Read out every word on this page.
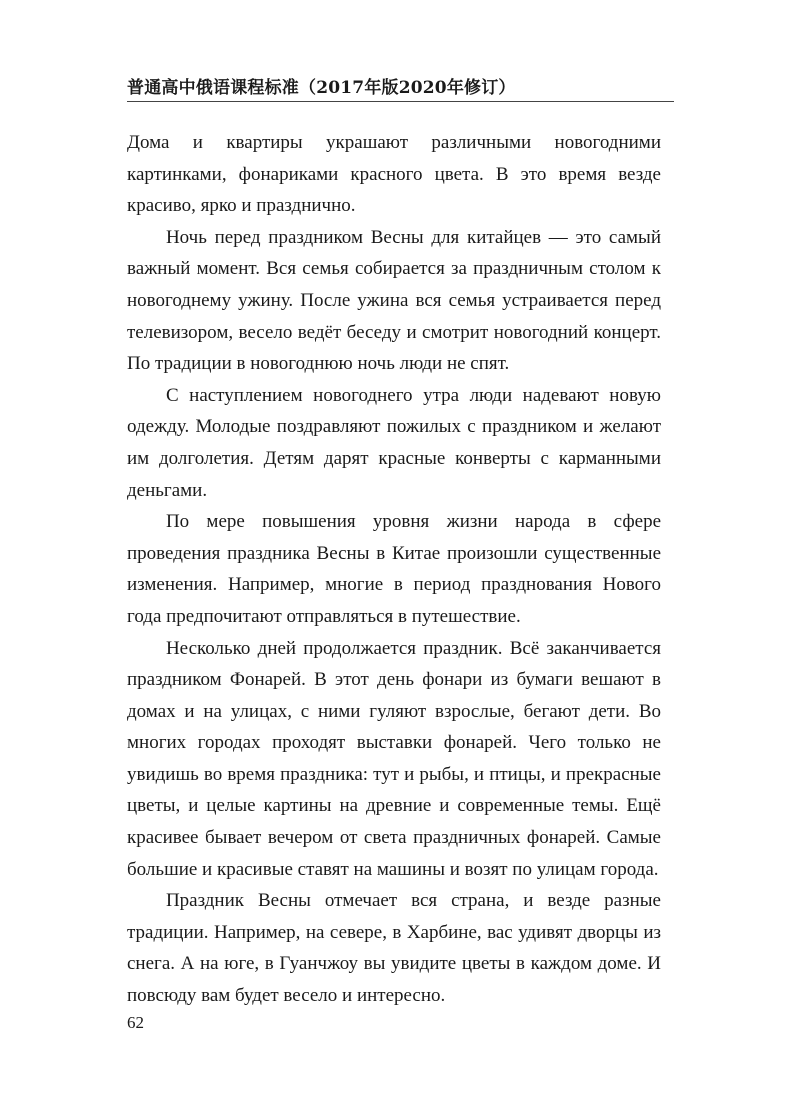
普通高中俄语课程标准（2017年版2020年修订）

Дома и квартиры украшают различными новогодними картинками, фонариками красного цвета. В это время везде красиво, ярко и празднично.

Ночь перед праздником Весны для китайцев — это самый важный момент. Вся семья собирается за праздничным столом к новогоднему ужину. После ужина вся семья устраивается перед телевизором, весело ведёт беседу и смотрит новогодний концерт. По традиции в новогоднюю ночь люди не спят.

С наступлением новогоднего утра люди надевают новую одежду. Молодые поздравляют пожилых с праздником и желают им долголетия. Детям дарят красные конверты с карманными деньгами.

По мере повышения уровня жизни народа в сфере проведения праздника Весны в Китае произошли существенные изменения. Например, многие в период празднования Нового года предпочитают отправляться в путешествие.

Несколько дней продолжается праздник. Всё заканчивается праздником Фонарей. В этот день фонари из бумаги вешают в домах и на улицах, с ними гуляют взрослые, бегают дети. Во многих городах проходят выставки фонарей. Чего только не увидишь во время праздника: тут и рыбы, и птицы, и прекрасные цветы, и целые картины на древние и современные темы. Ещё красивее бывает вечером от света праздничных фонарей. Самые большие и красивые ставят на машины и возят по улицам города.

Праздник Весны отмечает вся страна, и везде разные традиции. Например, на севере, в Харбине, вас удивят дворцы из снега. А на юге, в Гуанчжоу вы увидите цветы в каждом доме. И повсюду вам будет весело и интересно.

62
